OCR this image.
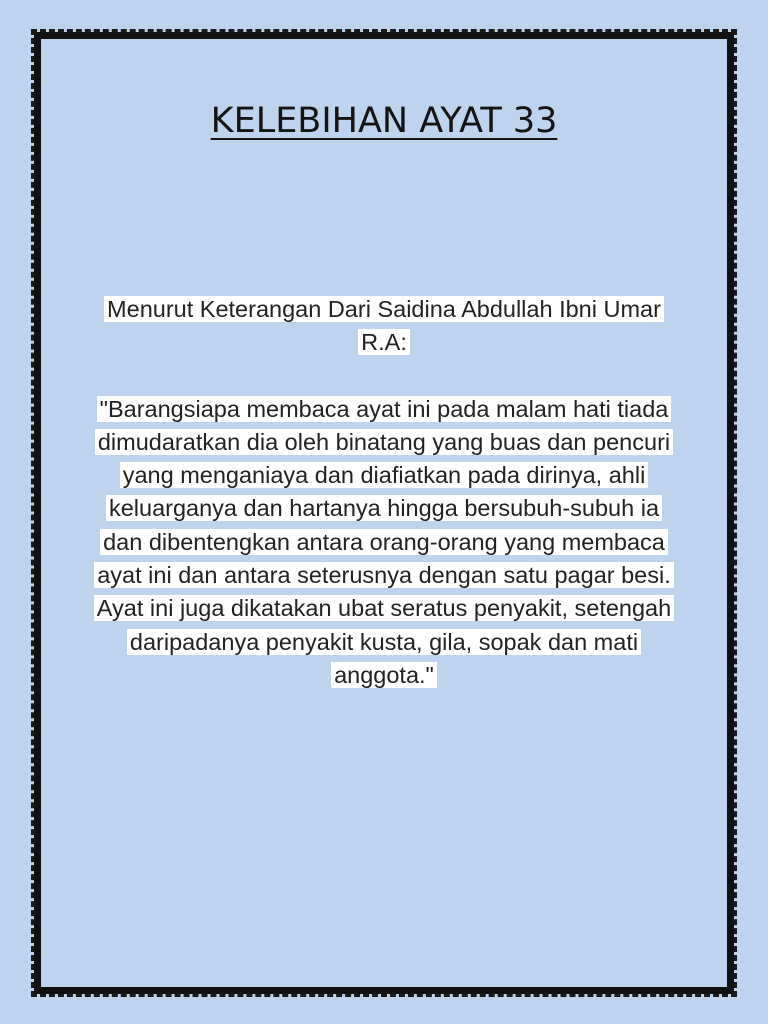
KELEBIHAN AYAT 33

Menurut Keterangan Dari Saidina Abdullah Ibni Umar R.A:

"Barangsiapa membaca ayat ini pada malam hati tiada dimudaratkan dia oleh binatang yang buas dan pencuri yang menganiaya dan diafiatkan pada dirinya, ahli keluarganya dan hartanya hingga bersubuh-subuh ia dan dibentengkan antara orang-orang yang membaca ayat ini dan antara seterusnya dengan satu pagar besi. Ayat ini juga dikatakan ubat seratus penyakit, setengah daripadanya penyakit kusta, gila, sopak dan mati anggota."
